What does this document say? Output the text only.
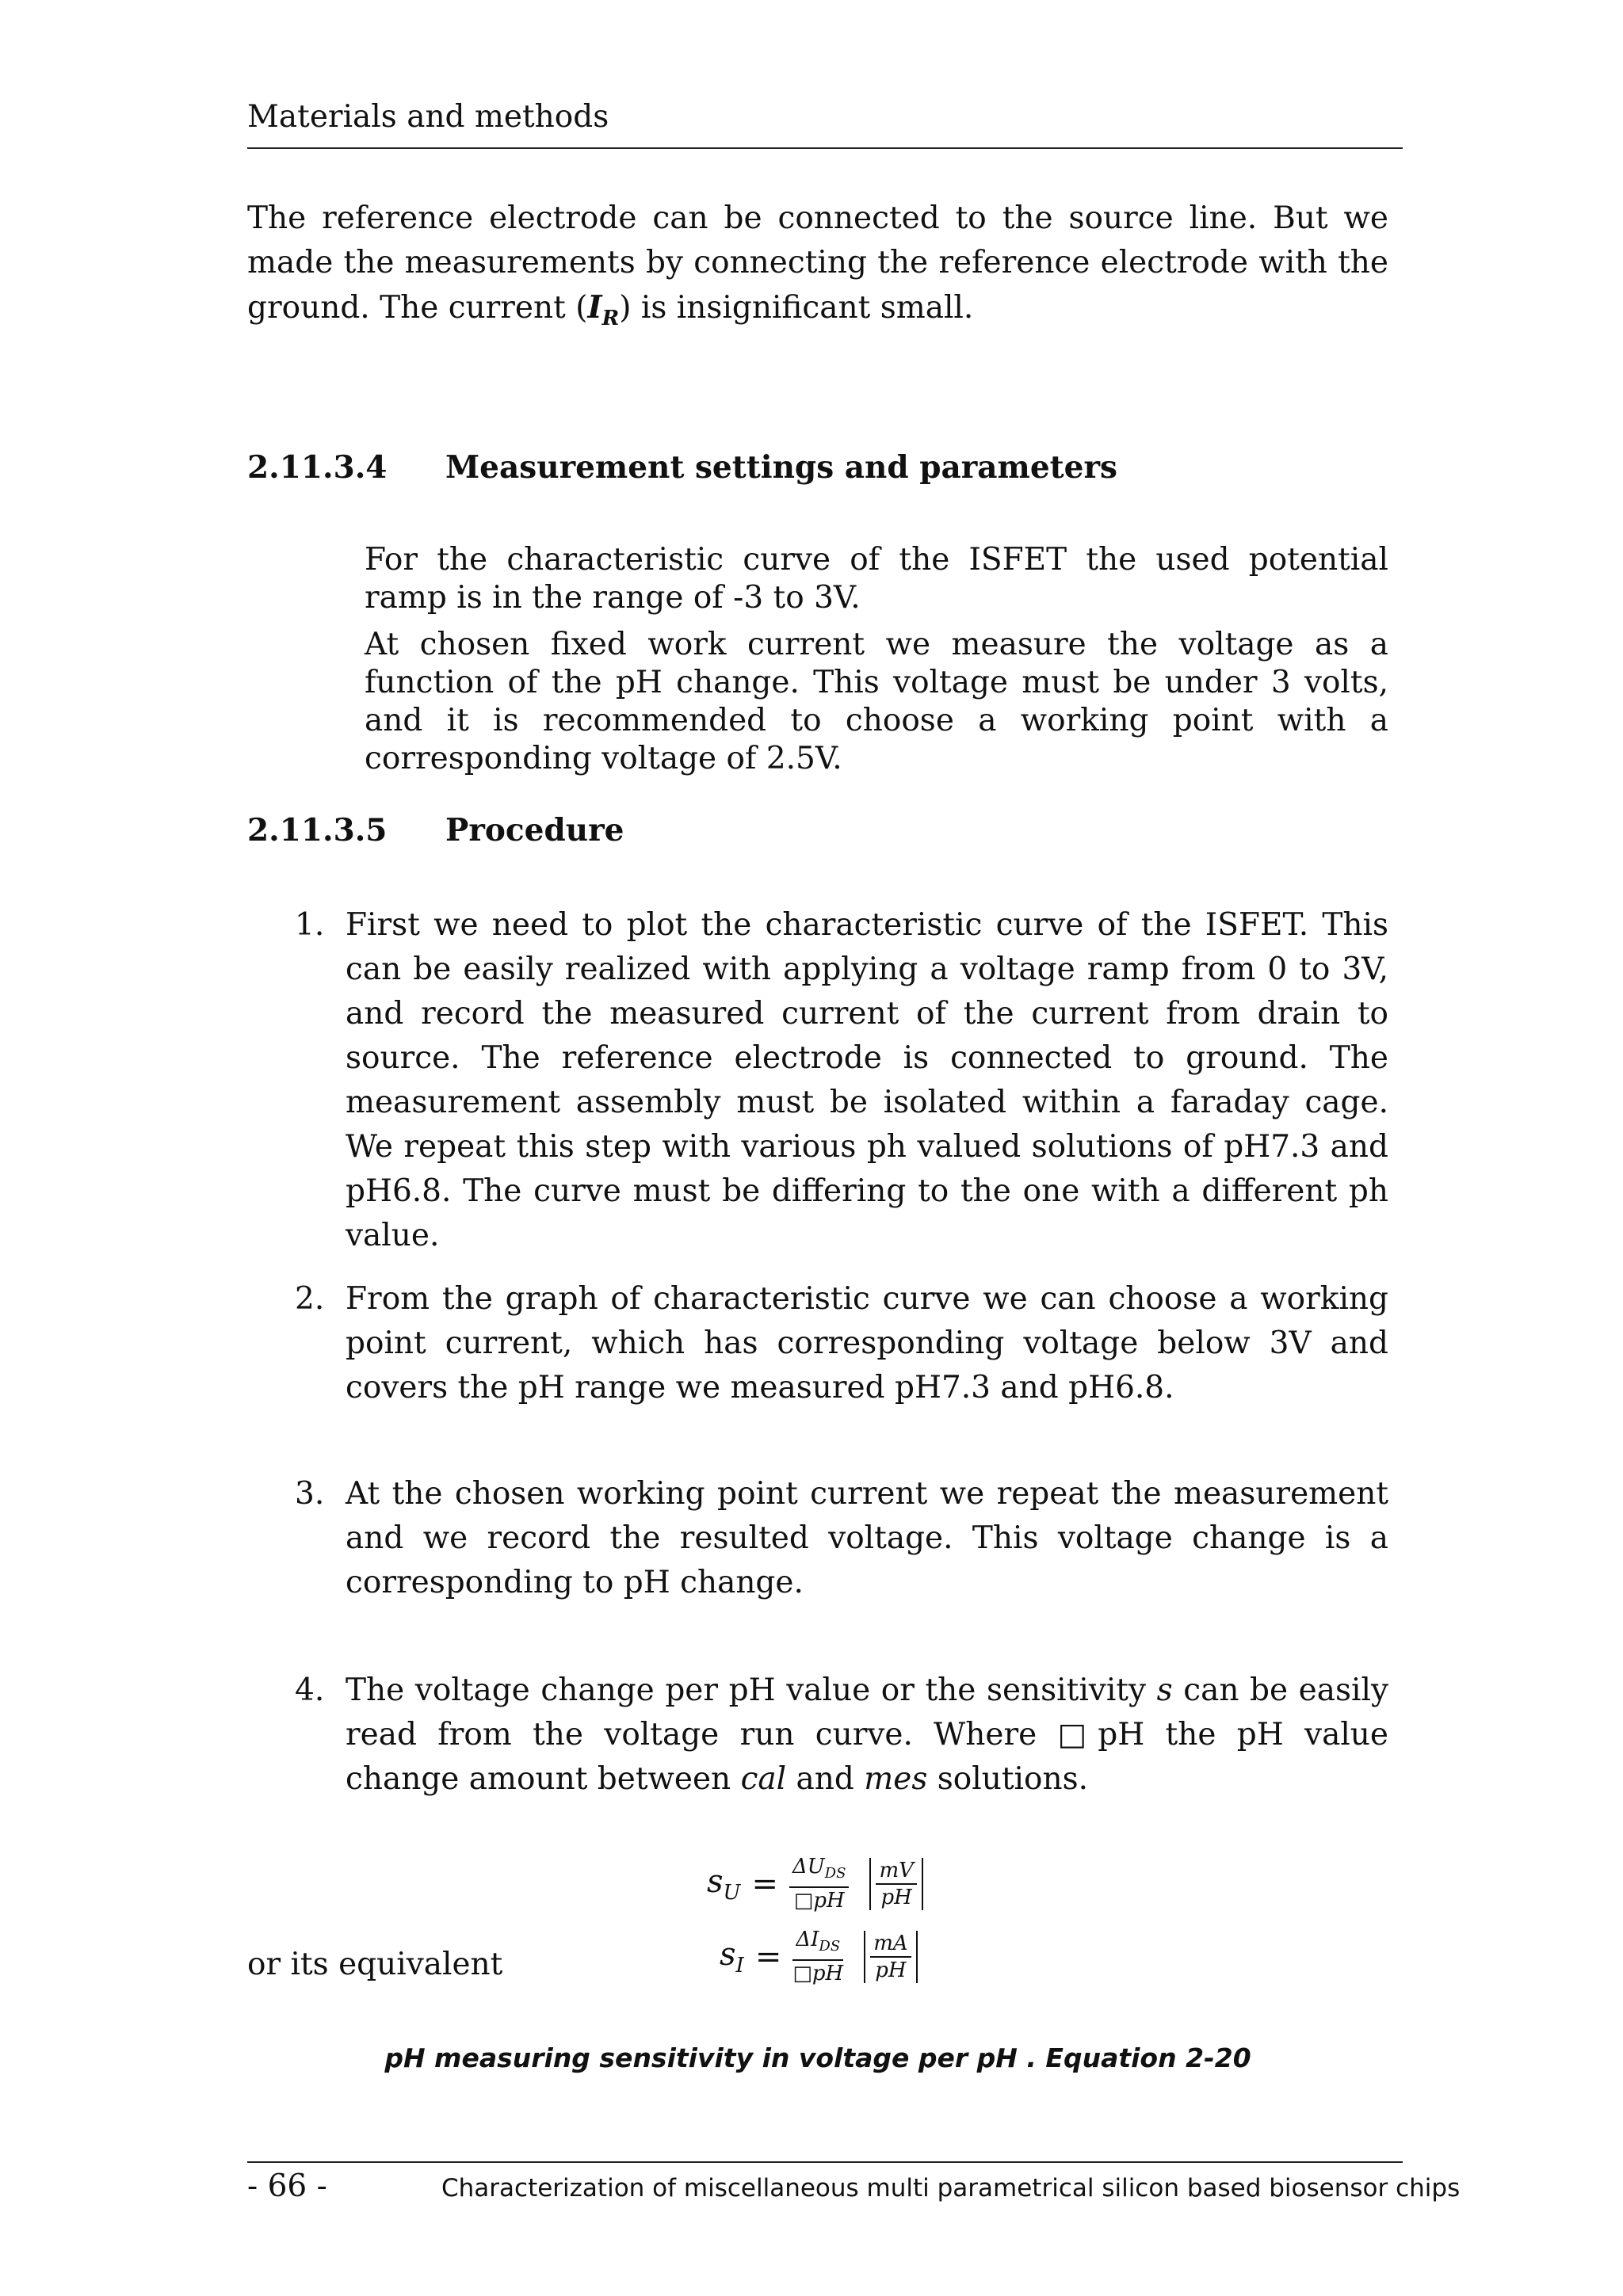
Materials and methods
The reference electrode can be connected to the source line. But we made the measurements by connecting the reference electrode with the ground. The current $(I_R)$ is insignificant small.
2.11.3.4 Measurement settings and parameters
For the characteristic curve of the ISFET the used potential ramp is in the range of -3 to 3V.
At chosen fixed work current we measure the voltage as a function of the pH change. This voltage must be under 3 volts, and it is recommended to choose a working point with a corresponding voltage of 2.5V.
2.11.3.5 Procedure
1. First we need to plot the characteristic curve of the ISFET. This can be easily realized with applying a voltage ramp from 0 to 3V, and record the measured current of the current from drain to source. The reference electrode is connected to ground. The measurement assembly must be isolated within a faraday cage. We repeat this step with various ph valued solutions of pH7.3 and pH6.8. The curve must be differing to the one with a different ph value.
2. From the graph of characteristic curve we can choose a working point current, which has corresponding voltage below 3V and covers the pH range we measured pH7.3 and pH6.8.
3. At the chosen working point current we repeat the measurement and we record the resulted voltage. This voltage change is a corresponding to pH change.
4. The voltage change per pH value or the sensitivity s can be easily read from the voltage run curve. Where □pH the pH value change amount between cal and mes solutions.
$s_U = \frac{\Delta U_{DS}}{□pH} \frac{mV}{pH}$
or its equivalent	$s_I = \frac{\Delta I_{DS}}{□pH} \frac{mA}{pH}$
pH measuring sensitivity in voltage per pH . Equation 2-20
- 66 -	Characterization of miscellaneous multi parametrical silicon based biosensor chips
